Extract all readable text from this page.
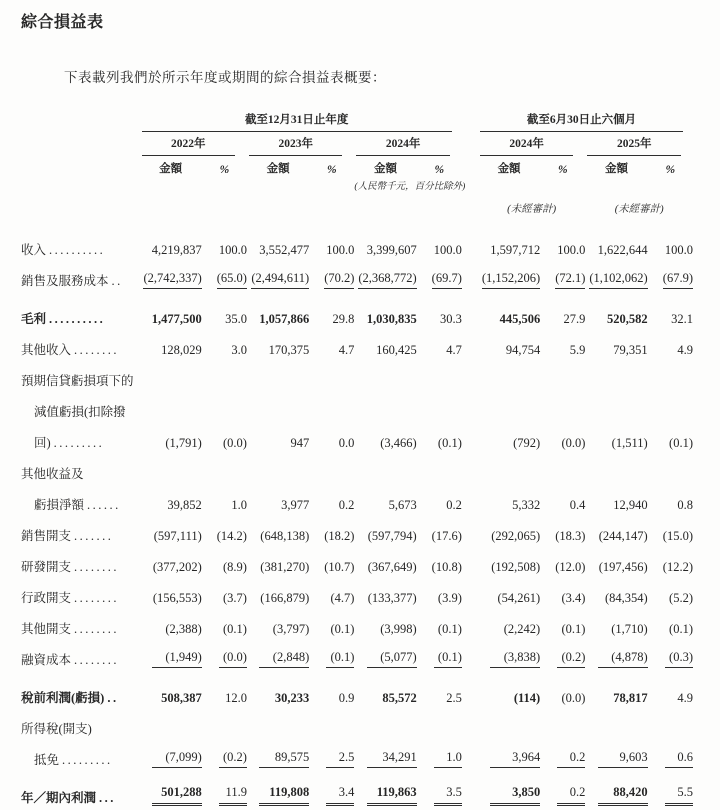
綜合損益表

下表載列我們於所示年度或期間的綜合損益表概要：

	截至12月31日止年度							截至6月30日止六個月			

	2022年		2023年		2024年			2024年		2025年	

	金額	%	金額	%	金額	%		金額	%	金額	%
					(人民幣千元，百分比除外)						
								(未經審計)		(未經審計)	
收入 ..........	4,219,837	100.0	3,552,477	100.0	3,399,607	100.0		1,597,712	100.0	1,622,644	100.0
銷售及服務成本 ..	(2,742,337)	(65.0)	(2,494,611)	(70.2)	(2,368,772)	(69.7)		(1,152,206)	(72.1)	(1,102,062)	(67.9)
毛利 ..........	1,477,500	35.0	1,057,866	29.8	1,030,835	30.3		445,506	27.9	520,582	32.1
其他收入 ........	128,029	3.0	170,375	4.7	160,425	4.7		94,754	5.9	79,351	4.9
預期信貸虧損項下的											
減值虧損(扣除撥											
回) .........	(1,791)	(0.0)	947	0.0	(3,466)	(0.1)		(792)	(0.0)	(1,511)	(0.1)
其他收益及											
虧損淨額 ......	39,852	1.0	3,977	0.2	5,673	0.2		5,332	0.4	12,940	0.8
銷售開支 .......	(597,111)	(14.2)	(648,138)	(18.2)	(597,794)	(17.6)		(292,065)	(18.3)	(244,147)	(15.0)
研發開支 ........	(377,202)	(8.9)	(381,270)	(10.7)	(367,649)	(10.8)		(192,508)	(12.0)	(197,456)	(12.2)
行政開支 ........	(156,553)	(3.7)	(166,879)	(4.7)	(133,377)	(3.9)		(54,261)	(3.4)	(84,354)	(5.2)
其他開支 ........	(2,388)	(0.1)	(3,797)	(0.1)	(3,998)	(0.1)		(2,242)	(0.1)	(1,710)	(0.1)
融資成本 ........	(1,949)	(0.0)	(2,848)	(0.1)	(5,077)	(0.1)		(3,838)	(0.2)	(4,878)	(0.3)
稅前利潤(虧損) ..	508,387	12.0	30,233	0.9	85,572	2.5		(114)	(0.0)	78,817	4.9
所得稅(開支)											
抵免 .........	(7,099)	(0.2)	89,575	2.5	34,291	1.0		3,964	0.2	9,603	0.6
年／期內利潤 ...	501,288	11.9	119,808	3.4	119,863	3.5		3,850	0.2	88,420	5.5
